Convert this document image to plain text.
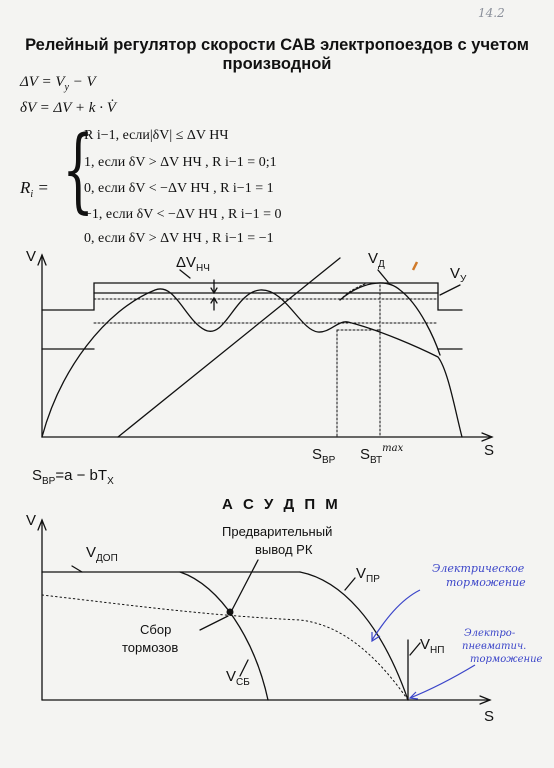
14.2
Релейный регулятор скорости САВ электропоездов с учетом производной
$\Delta V = V_у - V$
δV = ΔV + k · V̇
$R_i$ = {
R i−1, если|δV| ≤ ΔV НЧ
1, если δV > ΔV НЧ , R i−1 = 0;1
0, если δV < −ΔV НЧ , R i−1 = 1
−1, если δV < −ΔV НЧ , R i−1 = 0
0, если δV > ΔV НЧ , R i−1 = −1
V
S
$\Delta V_{НЧ}$
$V_Д$
$V_У$
$S_{ВР}$ $S_{ВТ}^{max}$
$S_{ВР}=a - bT_X$
А С У Д П М
V
S
$V_{ДОП}$
Предварительный
вывод РК
$V_{ПР}$
Сбор
тормозов
$V_{СБ}$
$V_{НП}$
Электрическое
торможение
Электро-
пневматич.
торможение
